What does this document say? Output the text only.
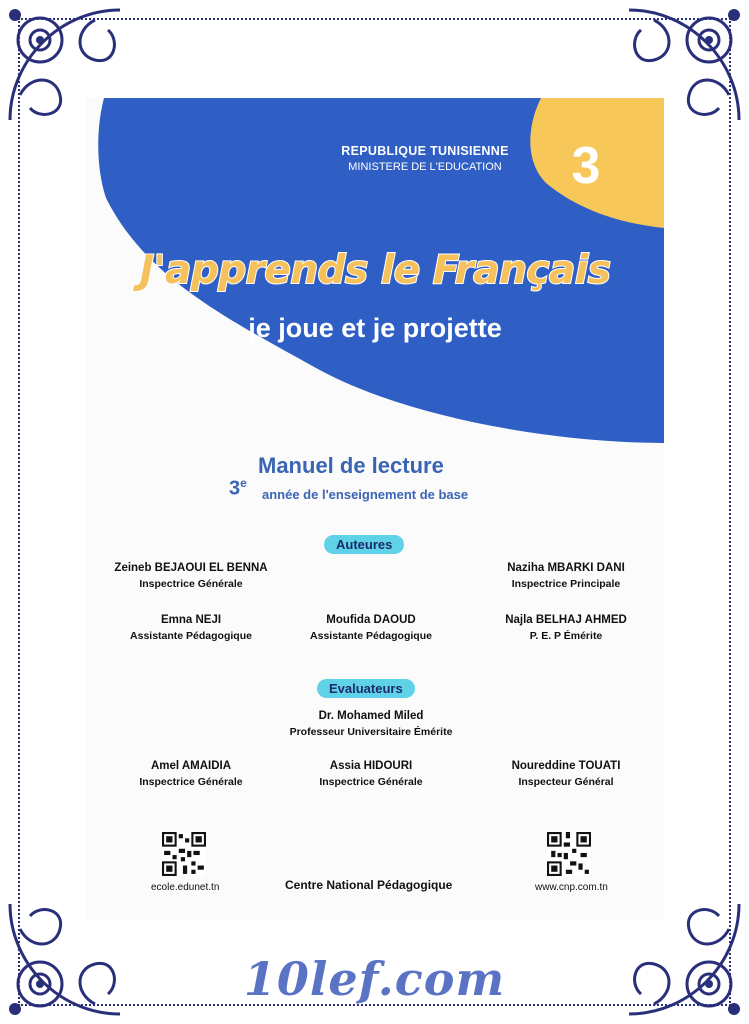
REPUBLIQUE TUNISIENNE
MINISTERE DE L'EDUCATION	3
J'apprends le Français
je joue et je projette
Manuel de lecture
3e
année de l'enseignement de base
Auteures
Zeineb BEJAOUI EL BENNA
Inspectrice Générale
Naziha MBARKI DANI
Inspectrice Principale
Emna NEJI
Assistante Pédagogique
Moufida DAOUD
Assistante Pédagogique
Najla BELHAJ AHMED
P. E. P Émérite
Evaluateurs
Dr. Mohamed Miled
Professeur Universitaire Émérite
Amel AMAIDIA
Inspectrice Générale
Assia HIDOURI
Inspectrice Générale
Noureddine TOUATI
Inspecteur Général
ecole.edunet.tn	Centre National Pédagogique	www.cnp.com.tn
10lef.com
